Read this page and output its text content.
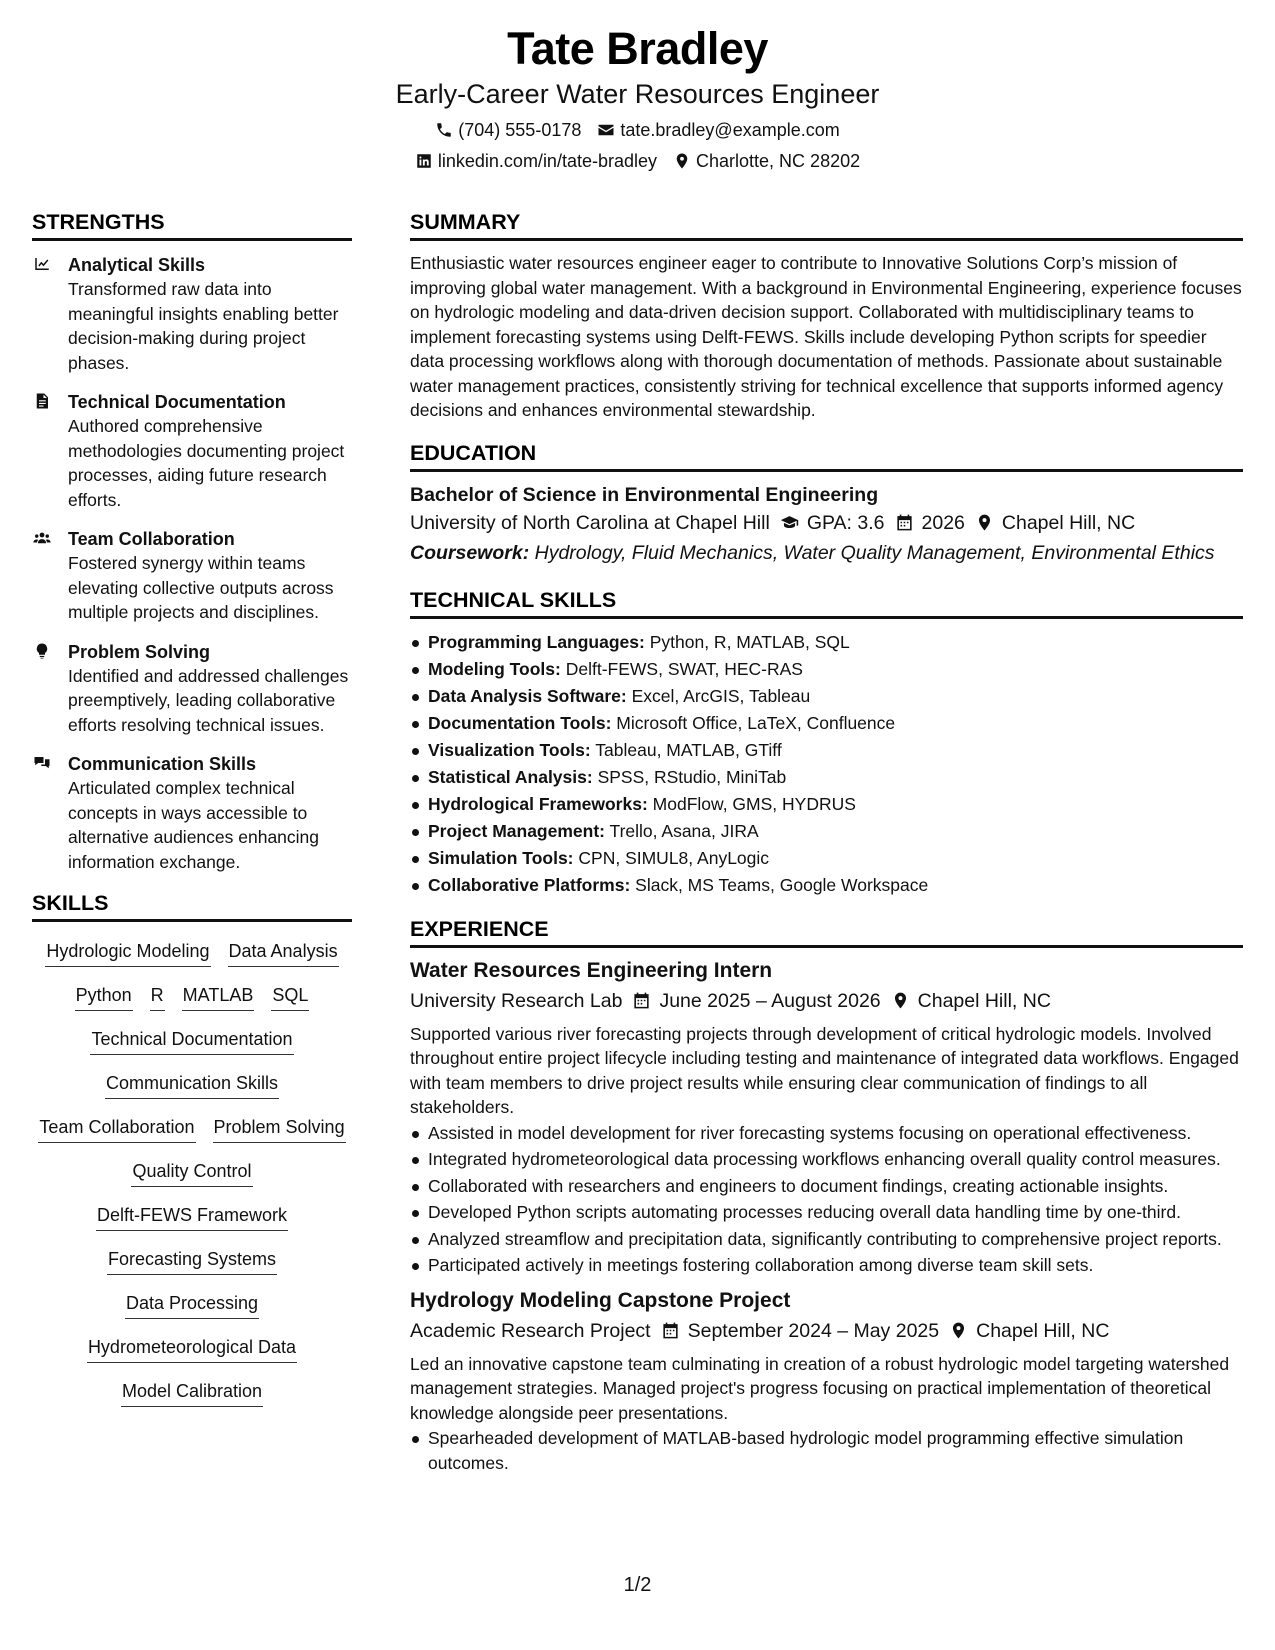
Tate Bradley
Early-Career Water Resources Engineer
(704) 555-0178 tate.bradley@example.com
linkedin.com/in/tate-bradley Charlotte, NC 28202
STRENGTHS
Analytical Skills
Transformed raw data into meaningful insights enabling better decision-making during project phases.
Technical Documentation
Authored comprehensive methodologies documenting project processes, aiding future research efforts.
Team Collaboration
Fostered synergy within teams elevating collective outputs across multiple projects and disciplines.
Problem Solving
Identified and addressed challenges preemptively, leading collaborative efforts resolving technical issues.
Communication Skills
Articulated complex technical concepts in ways accessible to alternative audiences enhancing information exchange.
SKILLS
Hydrologic Modeling Data Analysis
Python R MATLAB SQL
Technical Documentation
Communication Skills
Team Collaboration Problem Solving
Quality Control
Delft-FEWS Framework
Forecasting Systems
Data Processing
Hydrometeorological Data
Model Calibration
SUMMARY
Enthusiastic water resources engineer eager to contribute to Innovative Solutions Corp’s mission of improving global water management. With a background in Environmental Engineering, experience focuses on hydrologic modeling and data-driven decision support. Collaborated with multidisciplinary teams to implement forecasting systems using Delft-FEWS. Skills include developing Python scripts for speedier data processing workflows along with thorough documentation of methods. Passionate about sustainable water management practices, consistently striving for technical excellence that supports informed agency decisions and enhances environmental stewardship.
EDUCATION
Bachelor of Science in Environmental Engineering
University of North Carolina at Chapel Hill GPA: 3.6 2026 Chapel Hill, NC
Coursework: Hydrology, Fluid Mechanics, Water Quality Management, Environmental Ethics
TECHNICAL SKILLS
Programming Languages: Python, R, MATLAB, SQL
Modeling Tools: Delft-FEWS, SWAT, HEC-RAS
Data Analysis Software: Excel, ArcGIS, Tableau
Documentation Tools: Microsoft Office, LaTeX, Confluence
Visualization Tools: Tableau, MATLAB, GTiff
Statistical Analysis: SPSS, RStudio, MiniTab
Hydrological Frameworks: ModFlow, GMS, HYDRUS
Project Management: Trello, Asana, JIRA
Simulation Tools: CPN, SIMUL8, AnyLogic
Collaborative Platforms: Slack, MS Teams, Google Workspace
EXPERIENCE
Water Resources Engineering Intern
University Research Lab June 2025 – August 2026 Chapel Hill, NC
Supported various river forecasting projects through development of critical hydrologic models. Involved throughout entire project lifecycle including testing and maintenance of integrated data workflows. Engaged with team members to drive project results while ensuring clear communication of findings to all stakeholders.
Assisted in model development for river forecasting systems focusing on operational effectiveness.
Integrated hydrometeorological data processing workflows enhancing overall quality control measures.
Collaborated with researchers and engineers to document findings, creating actionable insights.
Developed Python scripts automating processes reducing overall data handling time by one-third.
Analyzed streamflow and precipitation data, significantly contributing to comprehensive project reports.
Participated actively in meetings fostering collaboration among diverse team skill sets.
Hydrology Modeling Capstone Project
Academic Research Project September 2024 – May 2025 Chapel Hill, NC
Led an innovative capstone team culminating in creation of a robust hydrologic model targeting watershed management strategies. Managed project's progress focusing on practical implementation of theoretical knowledge alongside peer presentations.
Spearheaded development of MATLAB-based hydrologic model programming effective simulation outcomes.
1/2
